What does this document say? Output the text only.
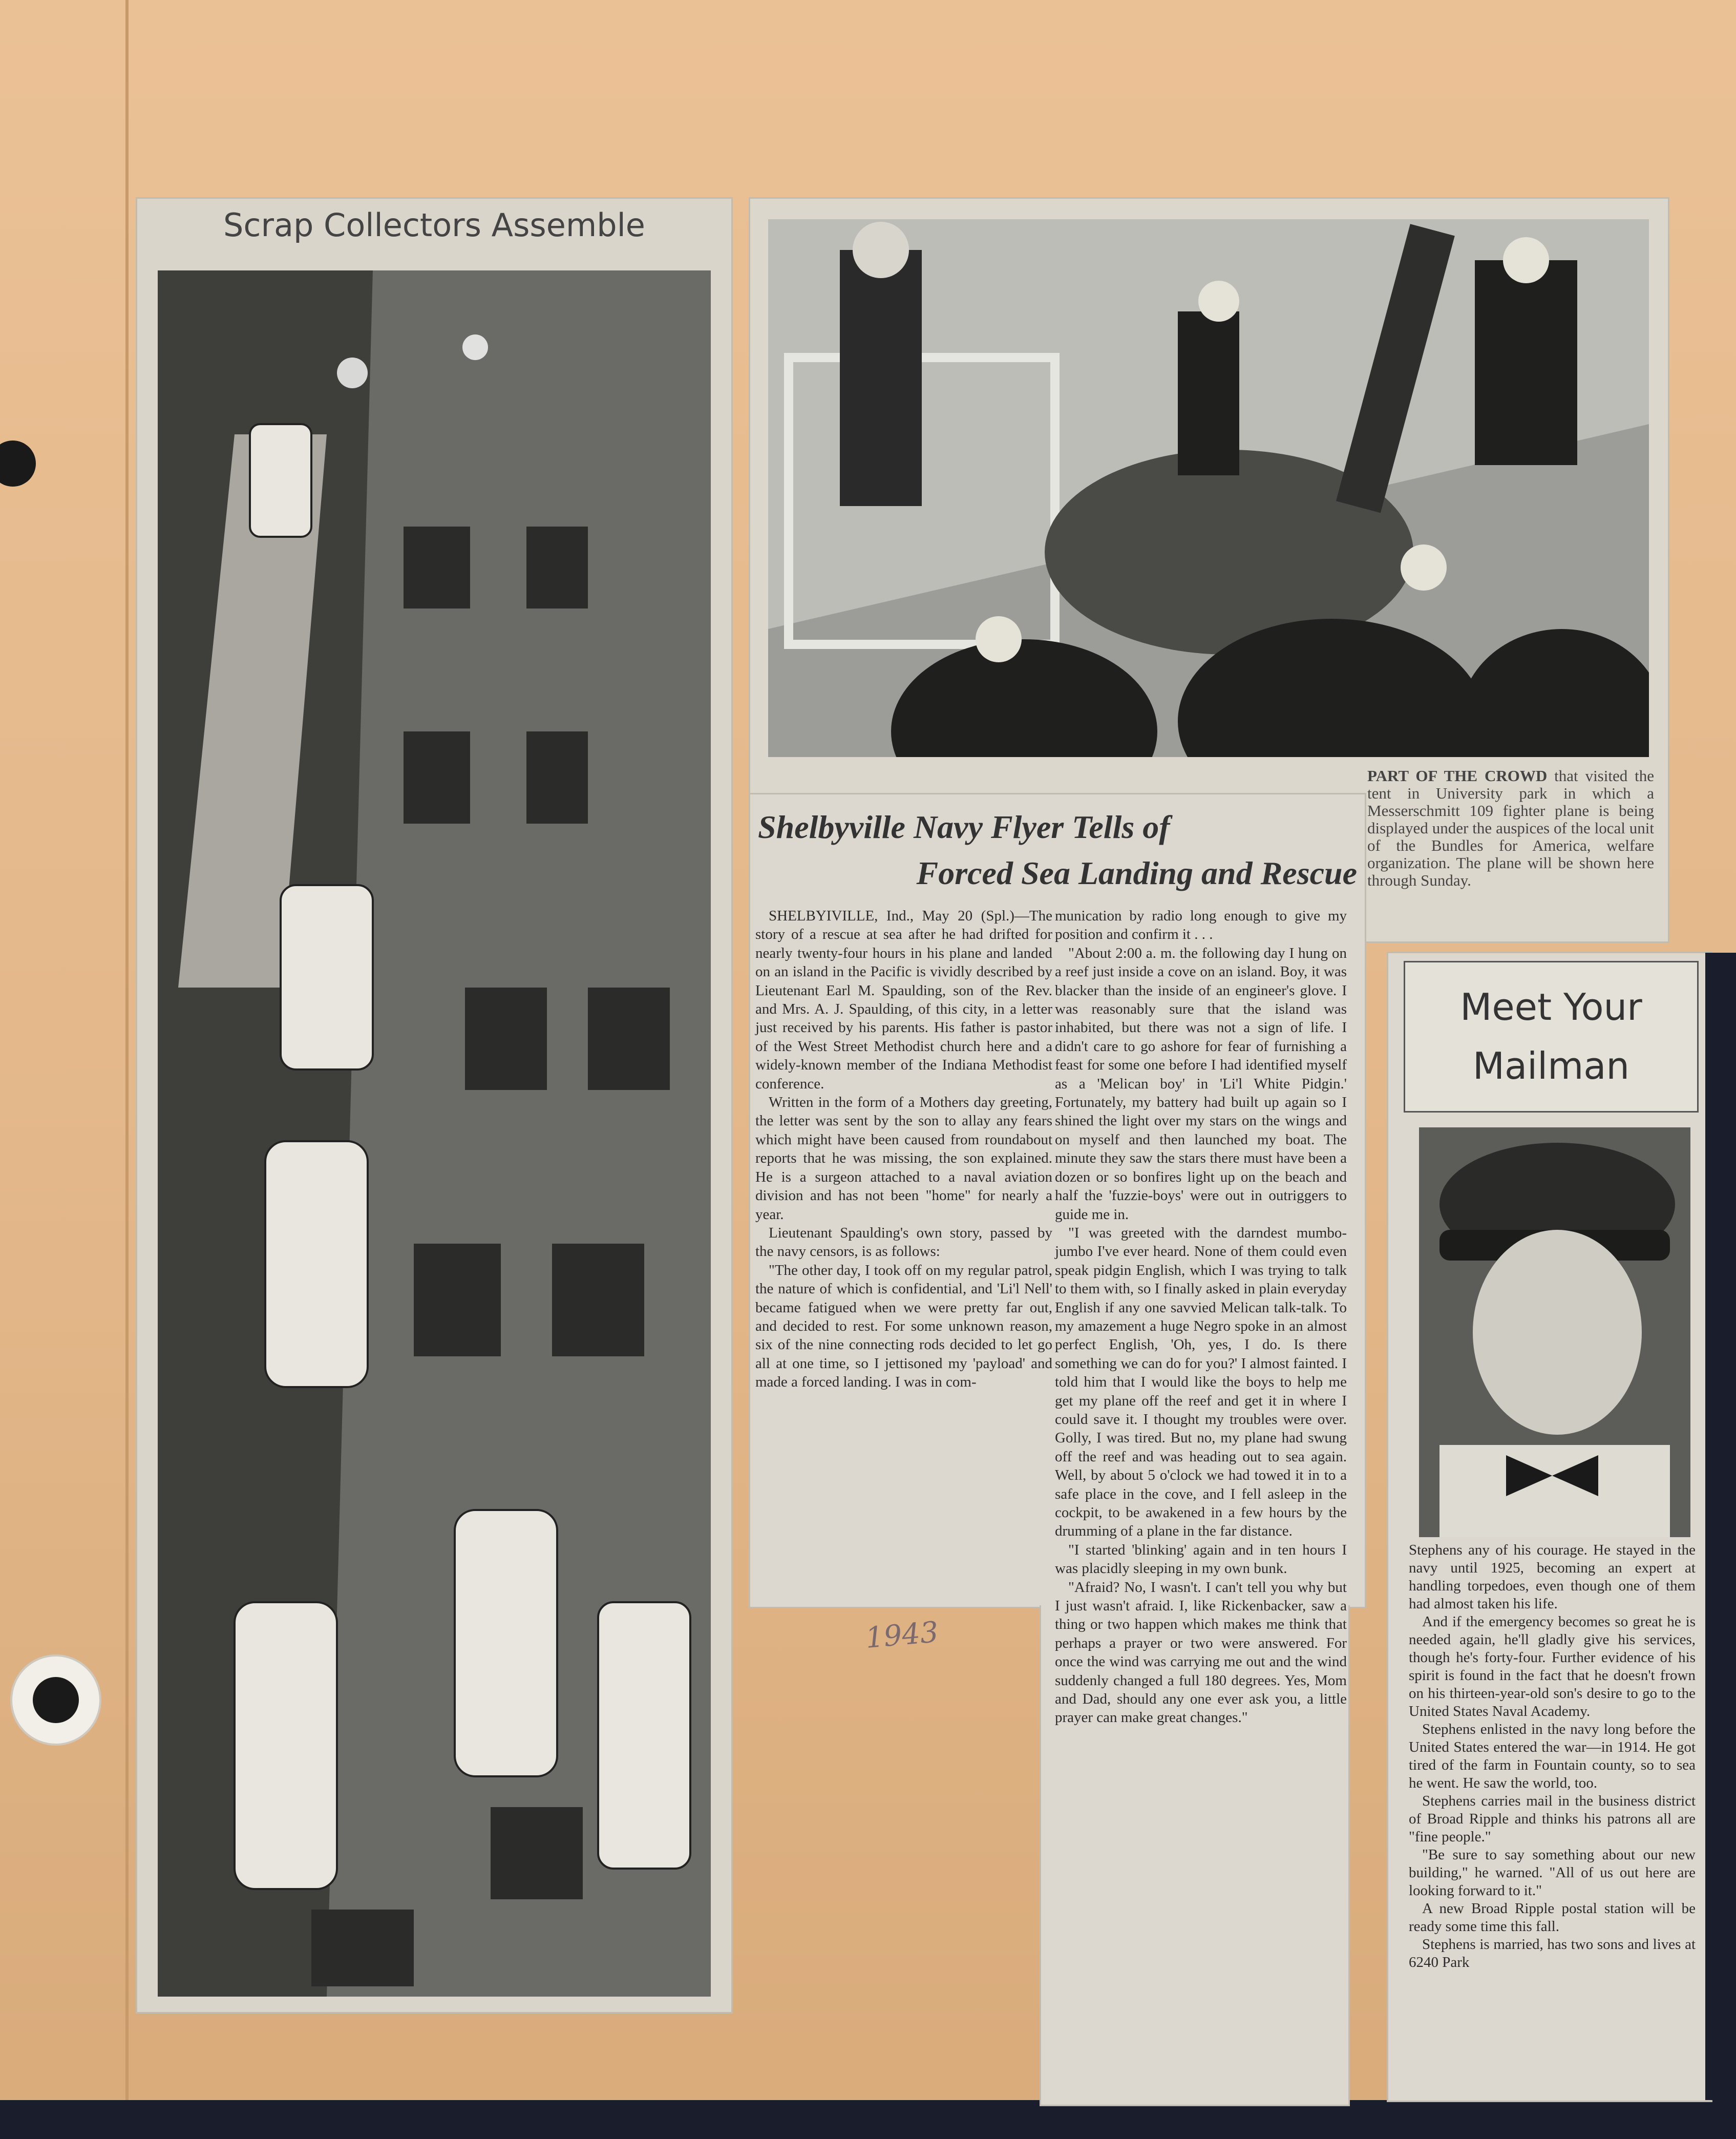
Scrap Collectors Assemble
PART OF THE CROWD that visited the tent in University park in which a Messerschmitt 109 fighter plane is being displayed under the auspices of the local unit of the Bundles for America, welfare organization. The plane will be shown here through Sunday.
Shelbyville Navy Flyer Tells of
Forced Sea Landing and Rescue

SHELBYIVILLE, Ind., May 20 (Spl.)—The story of a rescue at sea after he had drifted for nearly twenty-four hours in his plane and landed on an island in the Pacific is vividly described by Lieutenant Earl M. Spaulding, son of the Rev. and Mrs. A. J. Spaulding, of this city, in a letter just received by his parents. His father is pastor of the West Street Methodist church here and a widely-known member of the Indiana Methodist conference.

Written in the form of a Mothers day greeting, the letter was sent by the son to allay any fears which might have been caused from roundabout reports that he was missing, the son explained. He is a surgeon attached to a naval aviation division and has not been "home" for nearly a year.

Lieutenant Spaulding's own story, passed by the navy censors, is as follows:

"The other day, I took off on my regular patrol, the nature of which is confidential, and 'Li'l Nell' became fatigued when we were pretty far out, and decided to rest. For some unknown reason, six of the nine connecting rods decided to let go all at one time, so I jettisoned my 'payload' and made a forced landing. I was in com-

munication by radio long enough to give my position and confirm it . . .

"About 2:00 a. m. the following day I hung on a reef just inside a cove on an island. Boy, it was blacker than the inside of an engineer's glove. I was reasonably sure that the island was inhabited, but there was not a sign of life. I didn't care to go ashore for fear of furnishing a feast for some one before I had identified myself as a 'Melican boy' in 'Li'l White Pidgin.' Fortunately, my battery had built up again so I shined the light over my stars on the wings and on myself and then launched my boat. The minute they saw the stars there must have been a dozen or so bonfires light up on the beach and half the 'fuzzie-boys' were out in outriggers to guide me in.

"I was greeted with the darndest mumbo-jumbo I've ever heard. None of them could even speak pidgin English, which I was trying to talk to them with, so I finally asked in plain everyday English if any one savvied Melican talk-talk. To my amazement a huge Negro spoke in an almost perfect English, 'Oh, yes, I do. Is there something we can do for you?' I almost fainted. I told him that I would like the boys to help me get my plane off the reef and get it in where I could save it. I thought my troubles were over. Golly, I was tired. But no, my plane had swung off the reef and was heading out to sea again. Well, by about 5 o'clock we had towed it in to a safe place in the cove, and I fell asleep in the cockpit, to be awakened in a few hours by the drumming of a plane in the far distance.

"I started 'blinking' again and in ten hours I was placidly sleeping in my own bunk.

"Afraid? No, I wasn't. I can't tell you why but I just wasn't afraid. I, like Rickenbacker, saw a thing or two happen which makes me think that perhaps a prayer or two were answered. For once the wind was carrying me out and the wind suddenly changed a full 180 degrees. Yes, Mom and Dad, should any one ever ask you, a little prayer can make great changes."

1943
Meet Your
Mailman

Stephens any of his courage. He stayed in the navy until 1925, becoming an expert at handling torpedoes, even though one of them had almost taken his life.

And if the emergency becomes so great he is needed again, he'll gladly give his services, though he's forty-four. Further evidence of his spirit is found in the fact that he doesn't frown on his thirteen-year-old son's desire to go to the United States Naval Academy.

Stephens enlisted in the navy long before the United States entered the war—in 1914. He got tired of the farm in Fountain county, so to sea he went. He saw the world, too.

Stephens carries mail in the business district of Broad Ripple and thinks his patrons all are "fine people."

"Be sure to say something about our new building," he warned. "All of us out here are looking forward to it."

A new Broad Ripple postal station will be ready some time this fall.

Stephens is married, has two sons and lives at 6240 Park
